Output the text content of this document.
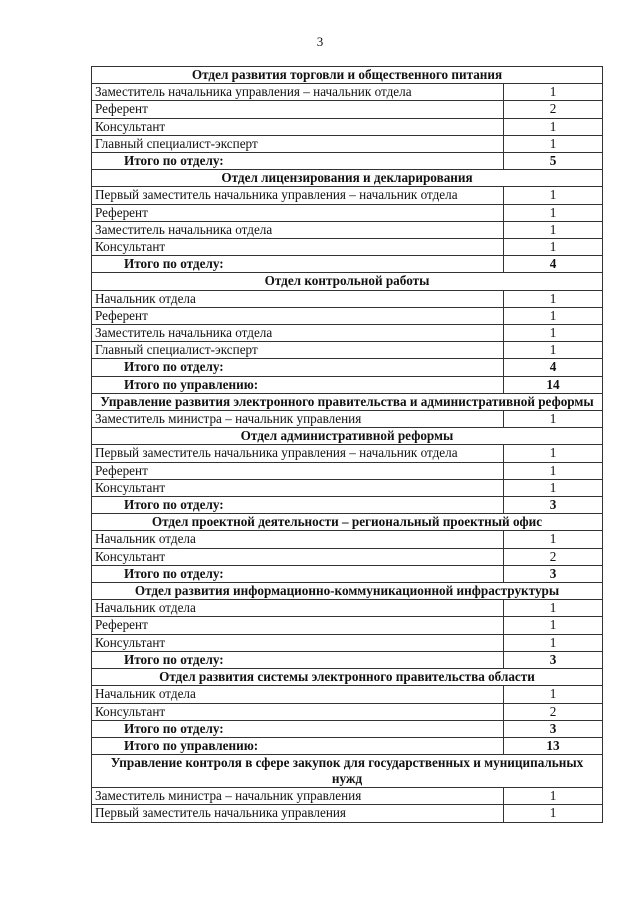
3
Отдел развития торговли и общественного питания	
Заместитель начальника управления – начальник отдела	1
Референт	2
Консультант	1
Главный специалист-эксперт	1
Итого по отделу:	5
Отдел лицензирования и декларирования	
Первый заместитель начальника управления – начальник отдела	1
Референт	1
Заместитель начальника отдела	1
Консультант	1
Итого по отделу:	4
Отдел контрольной работы	
Начальник отдела	1
Референт	1
Заместитель начальника отдела	1
Главный специалист-эксперт	1
Итого по отделу:	4
Итого по управлению:	14
Управление развития электронного правительства и административной реформы	
Заместитель министра – начальник управления	1
Отдел административной реформы	
Первый заместитель начальника управления – начальник отдела	1
Референт	1
Консультант	1
Итого по отделу:	3
Отдел проектной деятельности – региональный проектный офис	
Начальник отдела	1
Консультант	2
Итого по отделу:	3
Отдел развития информационно-коммуникационной инфраструктуры	
Начальник отдела	1
Референт	1
Консультант	1
Итого по отделу:	3
Отдел развития системы электронного правительства области	
Начальник отдела	1
Консультант	2
Итого по отделу:	3
Итого по управлению:	13
Управление контроля в сфере закупок для государственных и муниципальных нужд	
Заместитель министра – начальник управления	1
Первый заместитель начальника управления	1
